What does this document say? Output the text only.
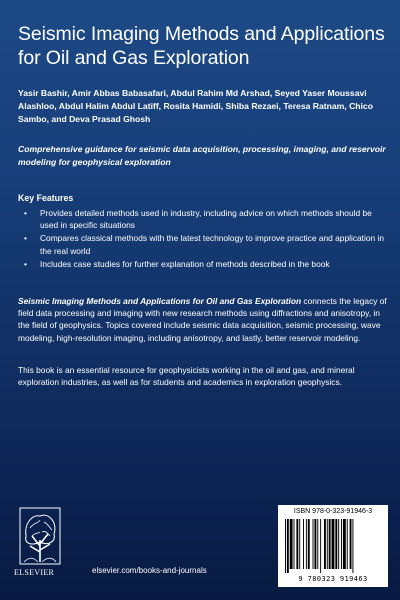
Seismic Imaging Methods and Applications for Oil and Gas Exploration

Yasir Bashir, Amir Abbas Babasafari, Abdul Rahim Md Arshad, Seyed Yaser Moussavi Alashloo, Abdul Halim Abdul Latiff, Rosita Hamidi, Shiba Rezaei, Teresa Ratnam, Chico Sambo, and Deva Prasad Ghosh

Comprehensive guidance for seismic data acquisition, processing, imaging, and reservoir modeling for geophysical exploration

Key Features
• Provides detailed methods used in industry, including advice on which methods should be used in specific situations
• Compares classical methods with the latest technology to improve practice and application in the real world
• Includes case studies for further explanation of methods described in the book

Seismic Imaging Methods and Applications for Oil and Gas Exploration connects the legacy of field data processing and imaging with new research methods using diffractions and anisotropy, in the field of geophysics. Topics covered include seismic data acquisition, seismic processing, wave modeling, high-resolution imaging, including anisotropy, and lastly, better reservoir modeling.

This book is an essential resource for geophysicists working in the oil and gas, and mineral exploration industries, as well as for students and academics in exploration geophysics.

ELSEVIER	elsevier.com/books-and-journals
ISBN 978-0-323-91946-3
9 780323 919463
